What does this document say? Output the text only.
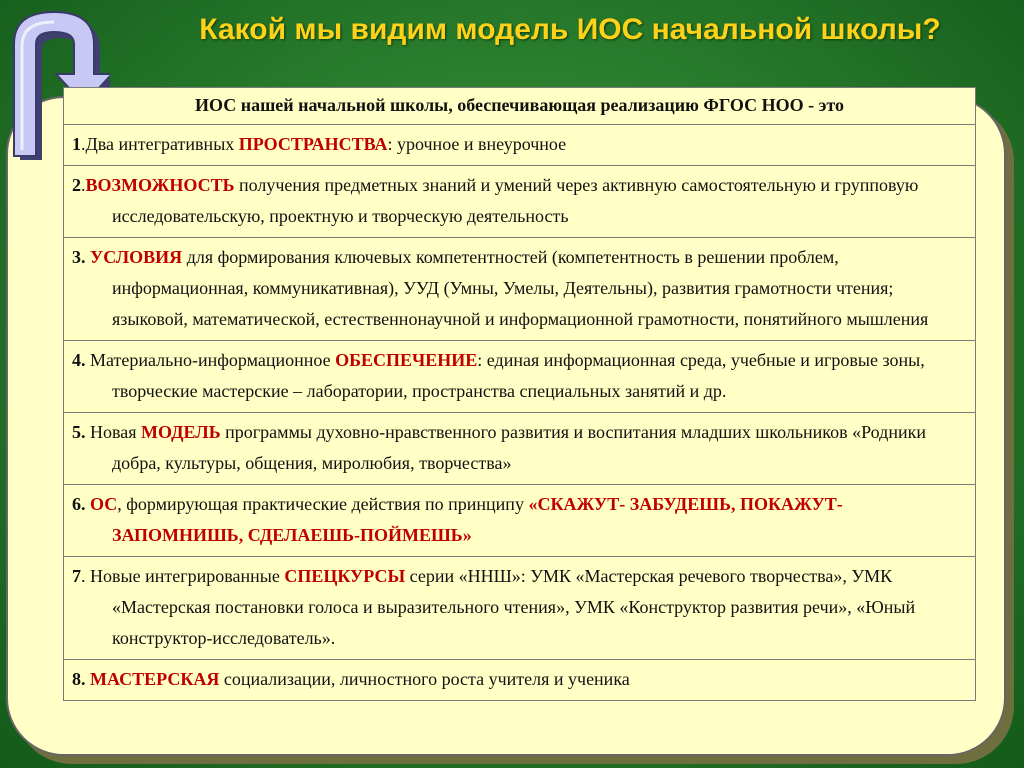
Какой мы видим модель ИОС начальной школы?
ИОС нашей начальной школы, обеспечивающая реализацию ФГОС НОО - это

1.Два интегративных ПРОСТРАНСТВА: урочное и внеурочное

2.ВОЗМОЖНОСТЬ получения предметных знаний и умений через активную самостоятельную и групповую исследовательскую, проектную и творческую деятельность

3. УСЛОВИЯ для формирования ключевых компетентностей (компетентность в решении проблем, информационная, коммуникативная), УУД (Умны, Умелы, Деятельны), развития грамотности чтения; языковой, математической, естественнонаучной и информационной грамотности, понятийного мышления

4. Материально-информационное ОБЕСПЕЧЕНИЕ: единая информационная среда, учебные и игровые зоны, творческие мастерские – лаборатории, пространства специальных занятий и др.

5. Новая МОДЕЛЬ программы духовно-нравственного развития и воспитания младших школьников «Родники добра, культуры, общения, миролюбия, творчества»

6. ОС, формирующая практические действия по принципу «СКАЖУТ- ЗАБУДЕШЬ, ПОКАЖУТ-ЗАПОМНИШЬ, СДЕЛАЕШЬ-ПОЙМЕШЬ»

7. Новые интегрированные СПЕЦКУРСЫ серии «ННШ»: УМК «Мастерская речевого творчества», УМК «Мастерская постановки голоса и выразительного чтения», УМК «Конструктор развития речи», «Юный конструктор-исследователь».

8. МАСТЕРСКАЯ социализации, личностного роста учителя и ученика
